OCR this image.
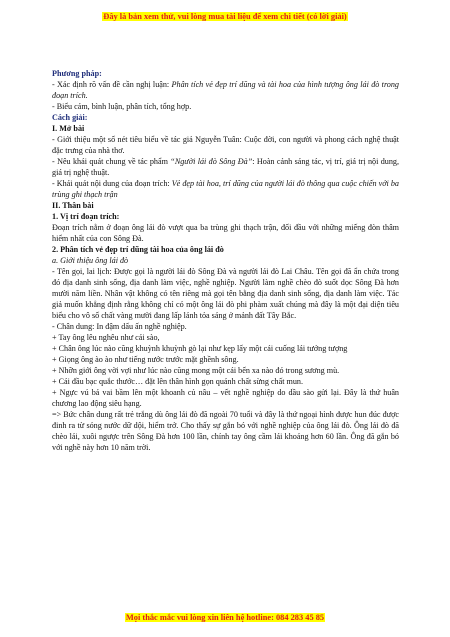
Đây là bản xem thử, vui lòng mua tài liệu để xem chi tiết (có lời giải)

Phương pháp:

- Xác định rõ vấn đề cần nghị luận: Phân tích vẻ đẹp trí dũng và tài hoa của hình tượng ông lái đò trong đoạn trích.

- Biểu cảm, bình luận, phân tích, tổng hợp.

Cách giải:

I. Mở bài

- Giới thiệu một số nét tiêu biểu về tác giả Nguyễn Tuân: Cuộc đời, con người và phong cách nghệ thuật đặc trưng của nhà thơ.

- Nêu khái quát chung về tác phẩm “Người lái đò Sông Đà”: Hoàn cảnh sáng tác, vị trí, giá trị nội dung, giá trị nghệ thuật.

- Khái quát nội dung của đoạn trích: Vẻ đẹp tài hoa, trí dũng của người lái đò thông qua cuộc chiến với ba trùng ghi thạch trận

II. Thân bài

1. Vị trí đoạn trích:

Đoạn trích nằm ở đoạn ông lái đò vượt qua ba trùng ghi thạch trận, đối đầu với những miếng đòn thâm hiểm nhất của con Sông Đà.

2. Phân tích vẻ đẹp trí dũng tài hoa của ông lái đò

a. Giới thiệu ông lái đò

- Tên gọi, lai lịch: Được gọi là người lái đò Sông Đà và người lái đò Lai Châu. Tên gọi đã ẩn chứa trong đó địa danh sinh sống, địa danh làm việc, nghề nghiệp. Người làm nghề chèo đò suốt dọc Sông Đà hơn mười năm liền. Nhân vật không có tên riêng mà gọi tên bằng địa danh sinh sống, địa danh làm việc. Tác giả muốn khẳng định rằng không chỉ có một ông lái đò phi phàm xuất chúng mà đây là một đại diện tiêu biểu cho vô số chất vàng mười đang lấp lánh tỏa sáng ở mảnh đất Tây Bắc.

- Chân dung: In đậm dấu ấn nghề nghiệp.

+ Tay ông lêu nghêu như cái sào,

+ Chân ông lúc nào cũng khuỳnh khuỳnh gò lại như kẹp lấy một cái cuống lái tưởng tượng

+ Giọng ông ào ào như tiếng nước trước mặt ghềnh sông.

+ Nhỡn giới ông vời vợi như lúc nào cũng mong một cái bến xa nào đó trong sương mù.

+ Cái đầu bạc quắc thước… đặt lên thân hình gọn quánh chất sừng chất mun.

+ Ngực vú bả vai bầm lên một khoanh củ nâu – vết nghề nghiệp do dầu sào gửi lại. Đây là thứ huân chương lao động siêu hạng.

=> Bức chân dung rất trẻ trắng dù ông lái đò đã ngoài 70 tuổi và đây là thứ ngoại hình được hun đúc được đinh ra từ sóng nước dữ dội, hiểm trở. Cho thấy sự gắn bó với nghề nghiệp của ông lái đò. Ông lái đò đã chèo lái, xuôi ngược trên Sông Đà hơn 100 lần, chính tay ông cầm lái khoảng hơn 60 lần. Ông đã gắn bó với nghề này hơn 10 năm trời.

Mọi thắc mắc vui lòng xin liên hệ hotline: 084 283 45 85
